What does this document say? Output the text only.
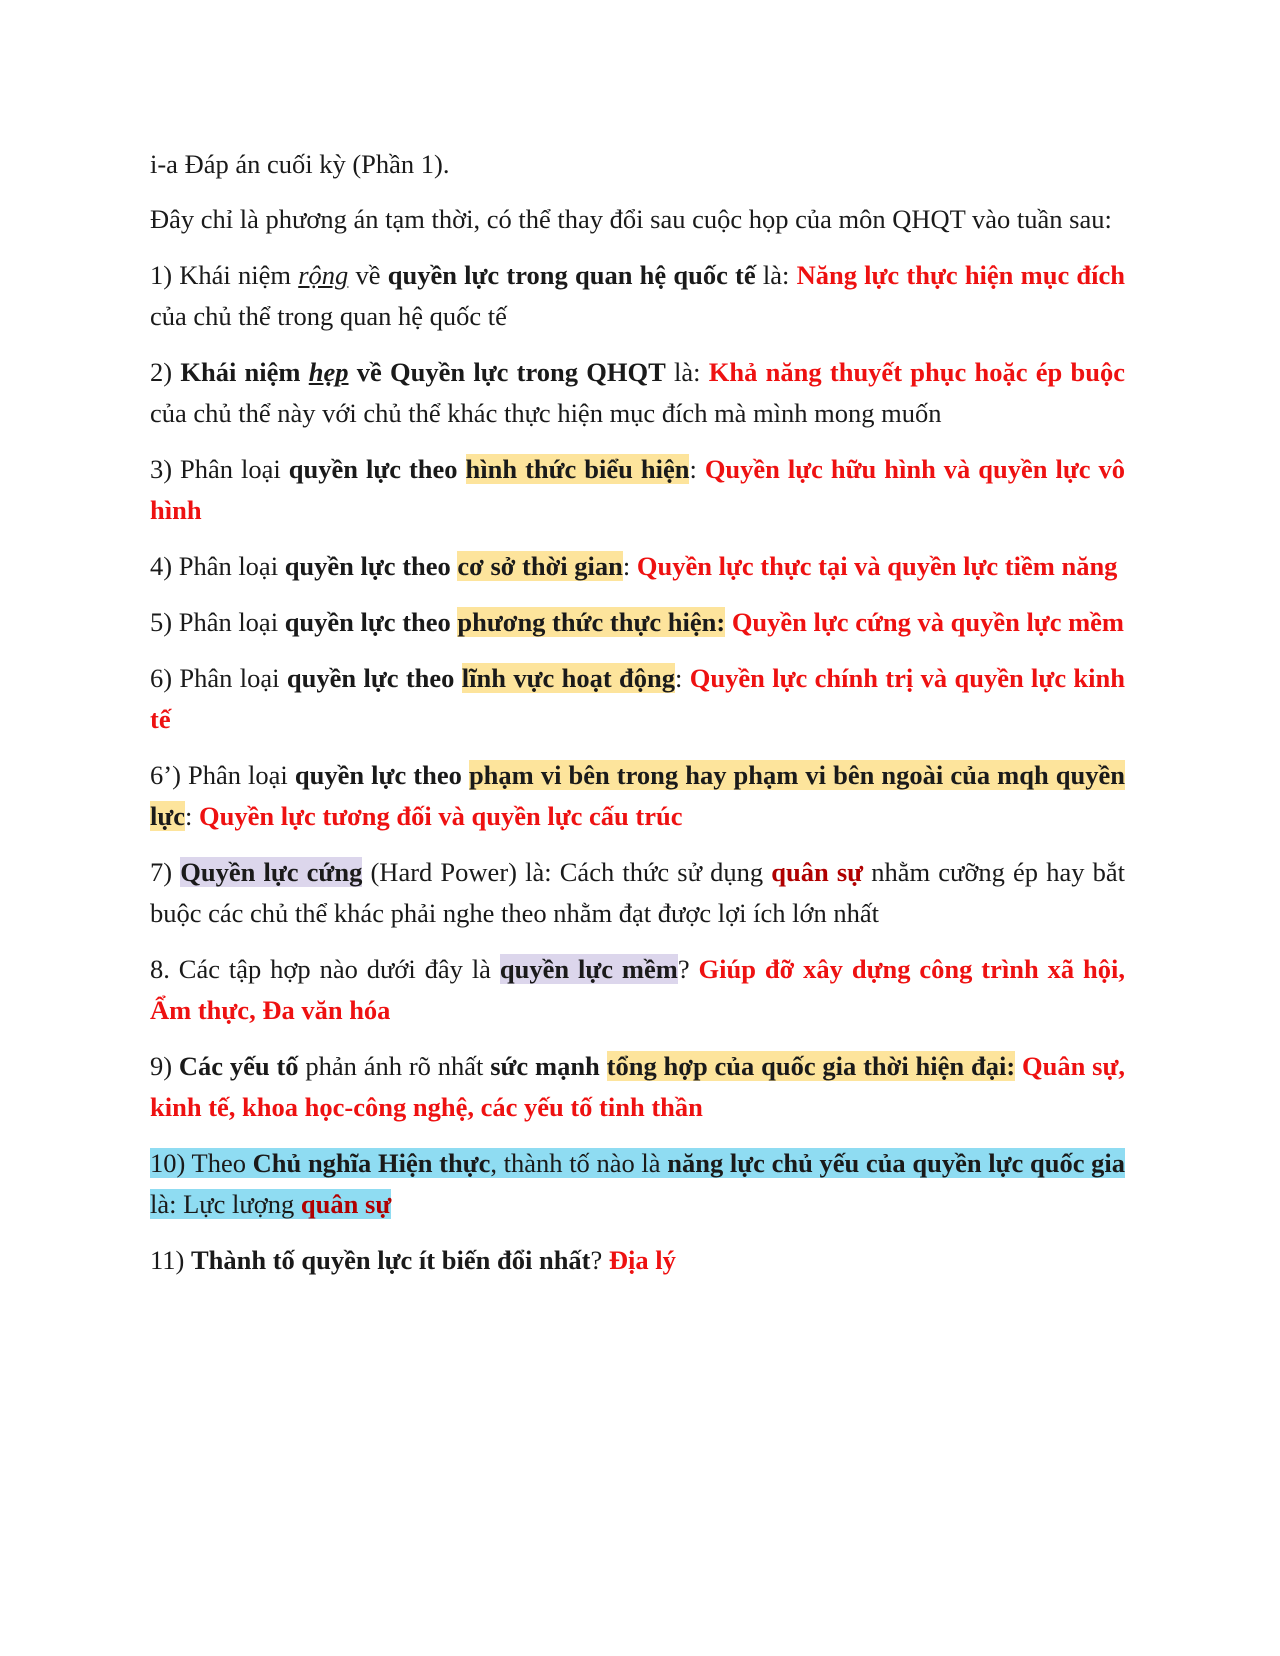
i-a Đáp án cuối kỳ (Phần 1).

Đây chỉ là phương án tạm thời, có thể thay đổi sau cuộc họp của môn QHQT vào tuần sau:

1) Khái niệm rộng về quyền lực trong quan hệ quốc tế là: Năng lực thực hiện mục đích của chủ thể trong quan hệ quốc tế

2) Khái niệm hẹp về Quyền lực trong QHQT là: Khả năng thuyết phục hoặc ép buộc của chủ thể này với chủ thể khác thực hiện mục đích mà mình mong muốn

3) Phân loại quyền lực theo hình thức biểu hiện: Quyền lực hữu hình và quyền lực vô hình

4) Phân loại quyền lực theo cơ sở thời gian: Quyền lực thực tại và quyền lực tiềm năng

5) Phân loại quyền lực theo phương thức thực hiện: Quyền lực cứng và quyền lực mềm

6) Phân loại quyền lực theo lĩnh vực hoạt động: Quyền lực chính trị và quyền lực kinh tế

6’) Phân loại quyền lực theo phạm vi bên trong hay phạm vi bên ngoài của mqh quyền lực: Quyền lực tương đối và quyền lực cấu trúc

7) Quyền lực cứng (Hard Power) là: Cách thức sử dụng quân sự nhằm cưỡng ép hay bắt buộc các chủ thể khác phải nghe theo nhằm đạt được lợi ích lớn nhất

8. Các tập hợp nào dưới đây là quyền lực mềm? Giúp đỡ xây dựng công trình xã hội, Ẩm thực, Đa văn hóa

9) Các yếu tố phản ánh rõ nhất sức mạnh tổng hợp của quốc gia thời hiện đại: Quân sự, kinh tế, khoa học-công nghệ, các yếu tố tinh thần

10) Theo Chủ nghĩa Hiện thực, thành tố nào là năng lực chủ yếu của quyền lực quốc gia là: Lực lượng quân sự

11) Thành tố quyền lực ít biến đổi nhất? Địa lý
